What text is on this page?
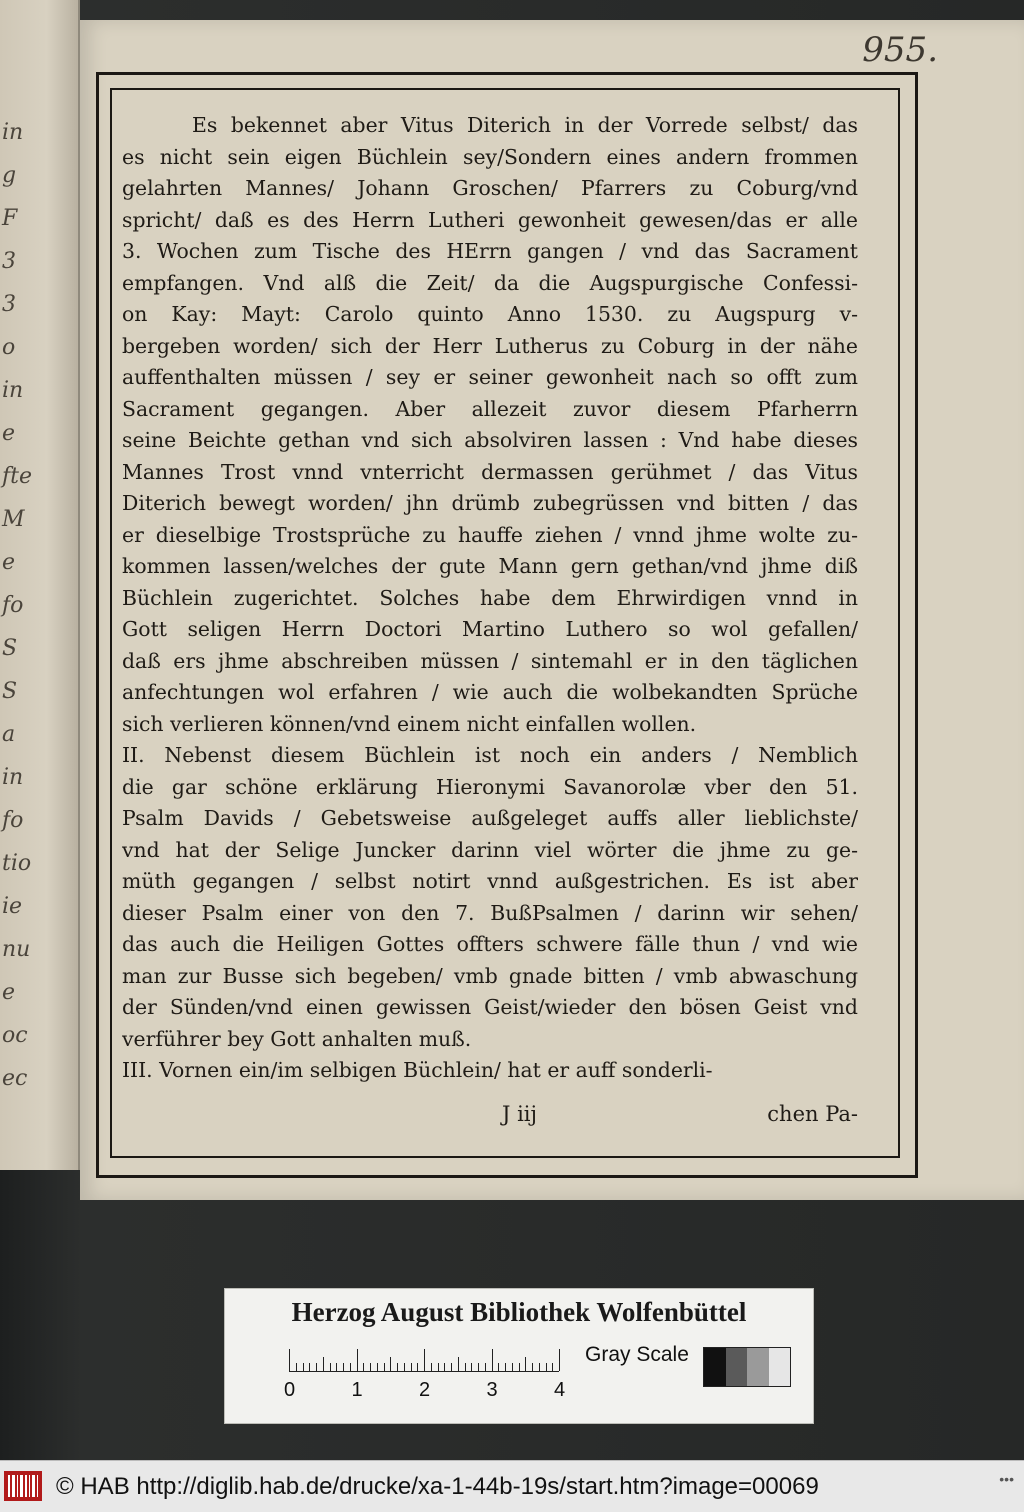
in
g
F
3
3
o
in
e
fte
M
e
fo
S
S
a
in
fo
tio
ie
nu
e
oc
ec
955.
Es bekennet aber Vitus Diterich in der Vorrede selbst/ das
es nicht sein eigen Büchlein sey/Sondern eines andern frommen
gelahrten Mannes/ Johann Groschen/ Pfarrers zu Coburg/vnd
spricht/ daß es des Herrn Lutheri gewonheit gewesen/das er alle
3. Wochen zum Tische des HErrn gangen / vnd das Sacrament
empfangen. Vnd alß die Zeit/ da die Augspurgische Confessi-
on Kay: Mayt: Carolo quinto Anno 1530. zu Augspurg v-
bergeben worden/ sich der Herr Lutherus zu Coburg in der nähe
auffenthalten müssen / sey er seiner gewonheit nach so offt zum
Sacrament gegangen. Aber allezeit zuvor diesem Pfarherrn
seine Beichte gethan vnd sich absolviren lassen : Vnd habe dieses
Mannes Trost vnnd vnterricht dermassen gerühmet / das Vitus
Diterich bewegt worden/ jhn drümb zubegrüssen vnd bitten / das
er dieselbige Trostsprüche zu hauffe ziehen / vnnd jhme wolte zu-
kommen lassen/welches der gute Mann gern gethan/vnd jhme diß
Büchlein zugerichtet. Solches habe dem Ehrwirdigen vnnd in
Gott seligen Herrn Doctori Martino Luthero so wol gefallen/
daß ers jhme abschreiben müssen / sintemahl er in den täglichen
anfechtungen wol erfahren / wie auch die wolbekandten Sprüche
sich verlieren können/vnd einem nicht einfallen wollen.
II. Nebenst diesem Büchlein ist noch ein anders / Nemblich
die gar schöne erklärung Hieronymi Savanorolæ vber den 51.
Psalm Davids / Gebetsweise außgeleget auffs aller lieblichste/
vnd hat der Selige Juncker darinn viel wörter die jhme zu ge-
müth gegangen / selbst notirt vnnd außgestrichen. Es ist aber
dieser Psalm einer von den 7. BußPsalmen / darinn wir sehen/
das auch die Heiligen Gottes offters schwere fälle thun / vnd wie
man zur Busse sich begeben/ vmb gnade bitten / vmb abwaschung
der Sünden/vnd einen gewissen Geist/wieder den bösen Geist vnd
verführer bey Gott anhalten muß.
III. Vornen ein/im selbigen Büchlein/ hat er auff sonderli-
J iij	chen Pa-
Herzog August Bibliothek Wolfenbüttel
0	1	2	3	4
Gray Scale
© HAB http://diglib.hab.de/drucke/xa-1-44b-19s/start.htm?image=00069	•••
